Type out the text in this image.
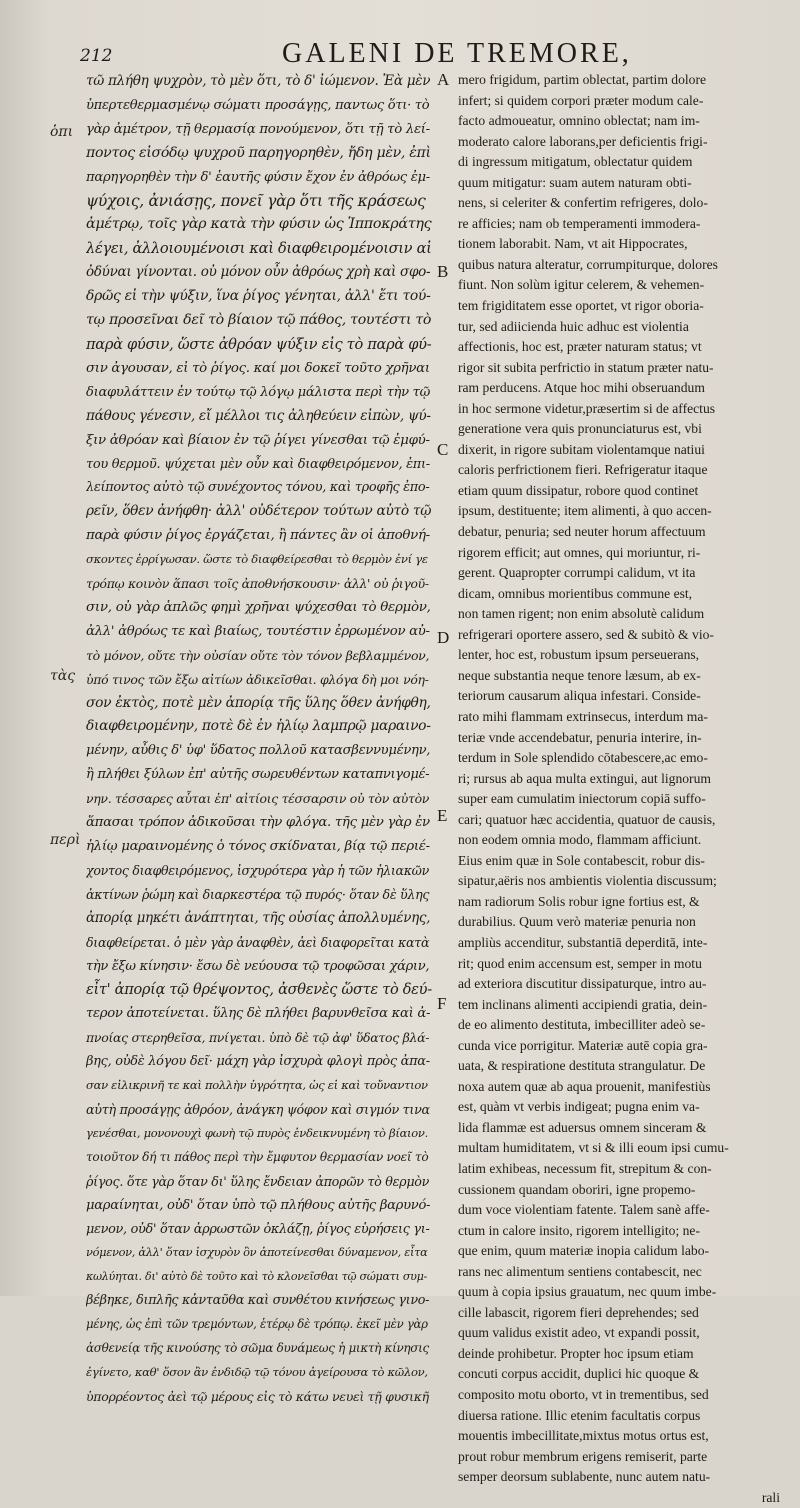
212	GALENI DE TREMORE,
τῶ πλήθη ψυχρὸν, τὸ μὲν ὅτι, τὸ δ' ἰώμενον. Ἐὰ μὲν
ὑπερτεθερμασμένῳ σώματι προσάγῃς, παντως ὅτι· τὸ
γὰρ ἀμέτρον, τῇ θερμασίᾳ πονούμενον, ὅτι τῇ τὸ λεί-
ποντος εἰσόδῳ ψυχροῦ παρηγορηθὲν, ἤδη μὲν, ἐπὶ
παρηγορηθὲν τὴν δ' ἑαυτῆς φύσιν ἔχον ἐν ἀθρόως ἐμ-
ψύχοις, ἀνιάσῃς, πονεῖ γὰρ ὅτι τῆς κράσεως
ἀμέτρῳ, τοῖς γὰρ κατὰ τὴν φύσιν ὡς Ἱπποκράτης
λέγει, ἀλλοιουμένοισι καὶ διαφθειρομένοισιν αἱ
ὀδύναι γίνονται. οὐ μόνον οὖν ἀθρόως χρὴ καὶ σφο-
δρῶς εἰ τὴν ψύξιν, ἵνα ῥίγος γένηται, ἀλλ' ἔτι τού-
τῳ προσεῖναι δεῖ τὸ βίαιον τῷ πάθος, τουτέστι τὸ
παρὰ φύσιν, ὥστε ἀθρόαν ψύξιν εἰς τὸ παρὰ φύ-
σιν ἀγουσαν, εἰ τὸ ῥίγος. καί μοι δοκεῖ τοῦτο χρῆναι
διαφυλάττειν ἐν τούτῳ τῷ λόγῳ μάλιστα περὶ τὴν τῷ
πάθους γένεσιν, εἴ μέλλοι τις ἀληθεύειν εἰπὼν, ψύ-
ξιν ἀθρόαν καὶ βίαιον ἐν τῷ ῥίγει γίνεσθαι τῷ ἐμφύ-
του θερμοῦ. ψύχεται μὲν οὖν καὶ διαφθειρόμενον, ἐπι-
λείποντος αὐτὸ τῷ συνέχοντος τόνου, καὶ τροφῆς ἐπο-
ρεῖν, ὅθεν ἀνήφθη· ἀλλ' οὐδέτερον τούτων αὐτὸ τῷ
παρὰ φύσιν ῥίγος ἐργάζεται, ἢ πάντες ἂν οἱ ἀποθνή-
σκοντες ἐρρίγωσαν. ὥστε τὸ διαφθείρεσθαι τὸ θερμὸν ἐνί γε
τρόπῳ κοινὸν ἅπασι τοῖς ἀποθνήσκουσιν· ἀλλ' οὐ ῥιγοῦ-
σιν, οὐ γὰρ ἁπλῶς φημὶ χρῆναι ψύχεσθαι τὸ θερμὸν,
ἀλλ' ἀθρόως τε καὶ βιαίως, τουτέστιν ἐρρωμένον αὐ-
τὸ μόνον, οὔτε τὴν οὐσίαν οὔτε τὸν τόνον βεβλαμμένον,
ὑπό τινος τῶν ἔξω αἰτίων ἀδικεῖσθαι. φλόγα δὴ μοι νόη-
σον ἐκτὸς, ποτὲ μὲν ἀπορίᾳ τῆς ὕλης ὅθεν ἀνήφθη,
διαφθειρομένην, ποτὲ δὲ ἐν ἡλίῳ λαμπρῷ μαραινο-
μένην, αὖθις δ' ὑφ' ὕδατος πολλοῦ κατασβεννυμένην,
ἢ πλήθει ξύλων ἐπ' αὐτῆς σωρευθέντων καταπνιγομέ-
νην. τέσσαρες αὗται ἐπ' αἰτίοις τέσσαρσιν οὐ τὸν αὐτὸν
ἅπασαι τρόπον ἀδικοῦσαι τὴν φλόγα. τῆς μὲν γὰρ ἐν
ἡλίῳ μαραινομένης ὁ τόνος σκίδναται, βίᾳ τῷ περιέ-
χοντος διαφθειρόμενος, ἰσχυρότερα γὰρ ἡ τῶν ἡλιακῶν
ἀκτίνων ῥώμη καὶ διαρκεστέρα τῷ πυρός· ὅταν δὲ ὕλης
ἀπορίᾳ μηκέτι ἀνάπτηται, τῆς οὐσίας ἀπολλυμένης,
διαφθείρεται. ὁ μὲν γὰρ ἀναφθὲν, ἀεὶ διαφορεῖται κατὰ
τὴν ἔξω κίνησιν· ἔσω δὲ νεύουσα τῷ τροφῶσαι χάριν,
εἶτ' ἀπορίᾳ τῷ θρέψοντος, ἀσθενὲς ὥστε τὸ δεύ-
τερον ἀποτείνεται. ὕλης δὲ πλήθει βαρυνθεῖσα καὶ ἀ-
πνοίας στερηθεῖσα, πνίγεται. ὑπὸ δὲ τῷ ἀφ' ὕδατος βλά-
βης, οὐδὲ λόγου δεῖ· μάχη γὰρ ἰσχυρὰ φλογὶ πρὸς ἀπα-
σαν εἰλικρινῆ τε καὶ πολλὴν ὑγρότητα, ὡς εἰ καὶ τοὔναντιον
αὐτὴ προσάγῃς ἀθρόον, ἀνάγκη ψόφον καὶ σιγμόν τινα
γενέσθαι, μονονουχὶ φωνὴ τῷ πυρὸς ἐνδεικνυμένη τὸ βίαιον.
τοιοῦτον δή τι πάθος περὶ τὴν ἔμφυτον θερμασίαν νοεῖ τὸ
ῥίγος. ὅτε γὰρ ὅταν δι' ὕλης ἔνδειαν ἀπορῶν τὸ θερμὸν
μαραίνηται, οὐδ' ὅταν ὑπὸ τῷ πλήθους αὐτῆς βαρυνό-
μενον, οὐδ' ὅταν ἀρρωστῶν ὀκλάζῃ, ῥίγος εὑρήσεις γι-
νόμενον, ἀλλ' ὅταν ἰσχυρὸν ὂν ἀποτείνεσθαι δύναμενον, εἶτα
κωλύηται. δι' αὐτὸ δὲ τοῦτο καὶ τὸ κλονεῖσθαι τῷ σώματι συμ-
βέβηκε, διπλῆς κἀνταῦθα καὶ συνθέτου κινήσεως γινο-
μένης, ὡς ἐπὶ τῶν τρεμόντων, ἑτέρῳ δὲ τρόπῳ. ἐκεῖ μὲν γὰρ
ἀσθενείᾳ τῆς κινούσης τὸ σῶμα δυνάμεως ἡ μικτὴ κίνησις
ἐγίνετο, καθ' ὅσον ἂν ἐνδιδῷ τῷ τόνου ἀγείρουσα τὸ κῶλον,
ὑπορρέοντος ἀεὶ τῷ μέρους εἰς τὸ κάτω νευεὶ τῇ φυσικῆ
mero frigidum, partim oblectat, partim dolore
infert; si quidem corpori præter modum cale-
facto admoueatur, omnino oblectat; nam im-
moderato calore laborans,per deficientis frigi-
di ingressum mitigatum, oblectatur quidem
quum mitigatur: suam autem naturam obti-
nens, si celeriter & confertim refrigeres, dolo-
re afficies; nam ob temperamenti immodera-
tionem laborabit. Nam, vt ait Hippocrates,
quibus natura alteratur, corrumpiturque, dolores
fiunt. Non solùm igitur celerem, & vehemen-
tem frigiditatem esse oportet, vt rigor oboria-
tur, sed adiicienda huic adhuc est violentia
affectionis, hoc est, præter naturam status; vt
rigor sit subita perfrictio in statum præter natu-
ram perducens. Atque hoc mihi obseruandum
in hoc sermone videtur,præsertim si de affectus
generatione vera quis pronunciaturus est, vbi
dixerit, in rigore subitam violentamque natiui
caloris perfrictionem fieri. Refrigeratur itaque
etiam quum dissipatur, robore quod continet
ipsum, destituente; item alimenti, à quo accen-
debatur, penuria; sed neuter horum affectuum
rigorem efficit; aut omnes, qui moriuntur, ri-
gerent. Quapropter corrumpi calidum, vt ita
dicam, omnibus morientibus commune est,
non tamen rigent; non enim absolutè calidum
refrigerari oportere assero, sed & subitò & vio-
lenter, hoc est, robustum ipsum perseuerans,
neque substantia neque tenore læsum, ab ex-
teriorum causarum aliqua infestari. Conside-
rato mihi flammam extrinsecus, interdum ma-
teriæ vnde accendebatur, penuria interire, in-
terdum in Sole splendido cōtabescere,ac emo-
ri; rursus ab aqua multa extingui, aut lignorum
super eam cumulatim iniectorum copiā suffo-
cari; quatuor hæc accidentia, quatuor de causis,
non eodem omnia modo, flammam afficiunt.
Eius enim quæ in Sole contabescit, robur dis-
sipatur,aëris nos ambientis violentia discussum;
nam radiorum Solis robur igne fortius est, &
durabilius. Quum verò materiæ penuria non
ampliùs accenditur, substantiā deperditā, inte-
rit; quod enim accensum est, semper in motu
ad exteriora discutitur dissipaturque, intro au-
tem inclinans alimenti accipiendi gratia, dein-
de eo alimento destituta, imbecilliter adeò se-
cunda vice porrigitur. Materiæ autē copia gra-
uata, & respiratione destituta strangulatur. De
noxa autem quæ ab aqua prouenit, manifestiùs
est, quàm vt verbis indigeat; pugna enim va-
lida flammæ est aduersus omnem sinceram &
multam humiditatem, vt si & illi eoum ipsi cumu-
latim exhibeas, necessum fit, strepitum & con-
cussionem quandam oboriri, igne propemo-
dum voce violentiam fatente. Talem sanè affe-
ctum in calore insito, rigorem intelligito; ne-
que enim, quum materiæ inopia calidum labo-
rans nec alimentum sentiens contabescit, nec
quum à copia ipsius grauatum, nec quum imbe-
cille labascit, rigorem fieri deprehendes; sed
quum validus existit adeo, vt expandi possit,
deinde prohibetur. Propter hoc ipsum etiam
concuti corpus accidit, duplici hic quoque &
composito motu oborto, vt in trementibus, sed
diuersa ratione. Illic etenim facultatis corpus
mouentis imbecillitate,mixtus motus ortus est,
prout robur membrum erigens remiserit, parte
semper deorsum sublabente, nunc autem natu-
rali
A
B
C
D
E
F
ὁπι
τὰς
περὶ
